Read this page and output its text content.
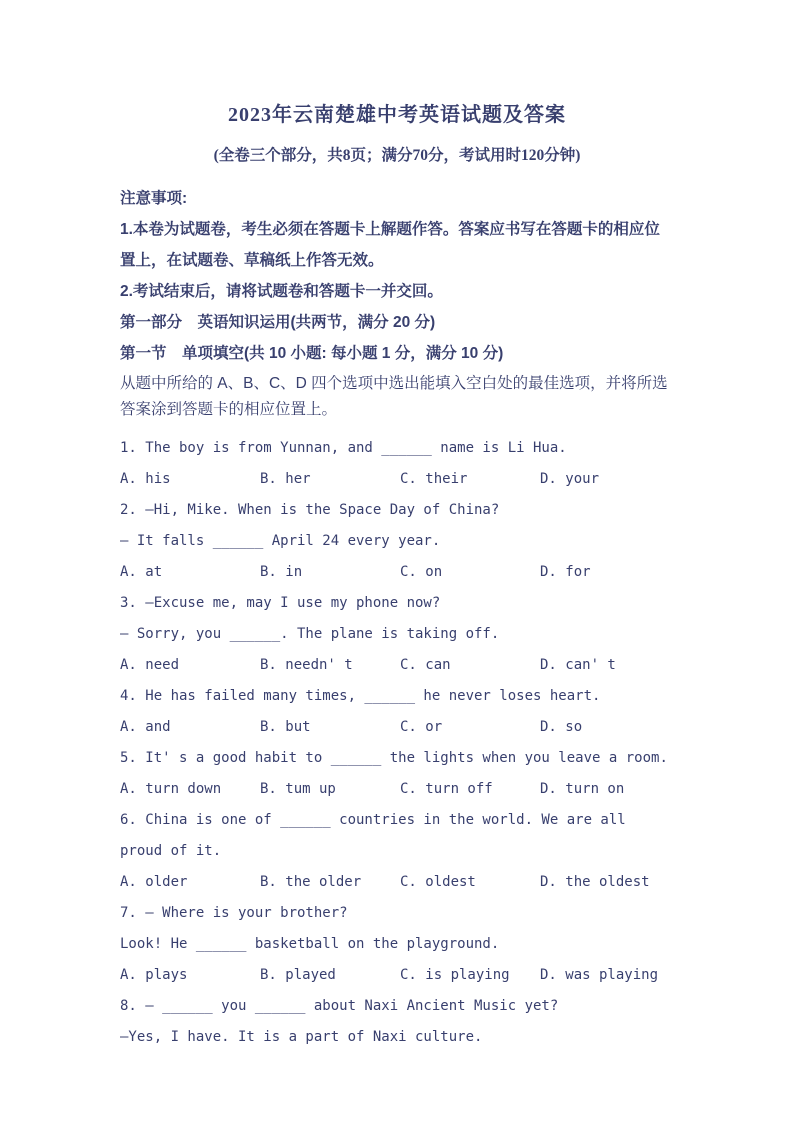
2023年云南楚雄中考英语试题及答案
(全卷三个部分，共8页；满分70分，考试用时120分钟)

注意事项:

1.本卷为试题卷，考生必须在答题卡上解题作答。答案应书写在答题卡的相应位置上，在试题卷、草稿纸上作答无效。

2.考试结束后，请将试题卷和答题卡一并交回。

第一部分　英语知识运用(共两节，满分 20 分)

第一节　单项填空(共 10 小题: 每小题 1 分，满分 10 分)

从题中所给的 A、B、C、D 四个选项中选出能填入空白处的最佳选项，并将所选答案涂到答题卡的相应位置上。

1. The boy is from Yunnan, and ______ name is Li Hua.

A. his	B. her	C. their	D. your

2. —Hi, Mike. When is the Space Day of China?

— It falls ______ April 24 every year.

A. at	B. in	C. on	D. for

3. —Excuse me, may I use my phone now?

— Sorry, you ______. The plane is taking off.

A. need	B. needn' t	C. can	D. can' t

4. He has failed many times, ______ he never loses heart.

A. and	B. but	C. or	D. so

5. It' s a good habit to ______ the lights when you leave a room.

A. turn down	B. tum up	C. turn off	D. turn on

6. China is one of ______ countries in the world. We are all proud of it.

A. older	B. the older	C. oldest	D. the oldest

7. — Where is your brother?

Look! He ______ basketball on the playground.

A. plays	B. played	C. is playing	D. was playing

8. — ______ you ______ about Naxi Ancient Music yet?

—Yes, I have. It is a part of Naxi culture.
